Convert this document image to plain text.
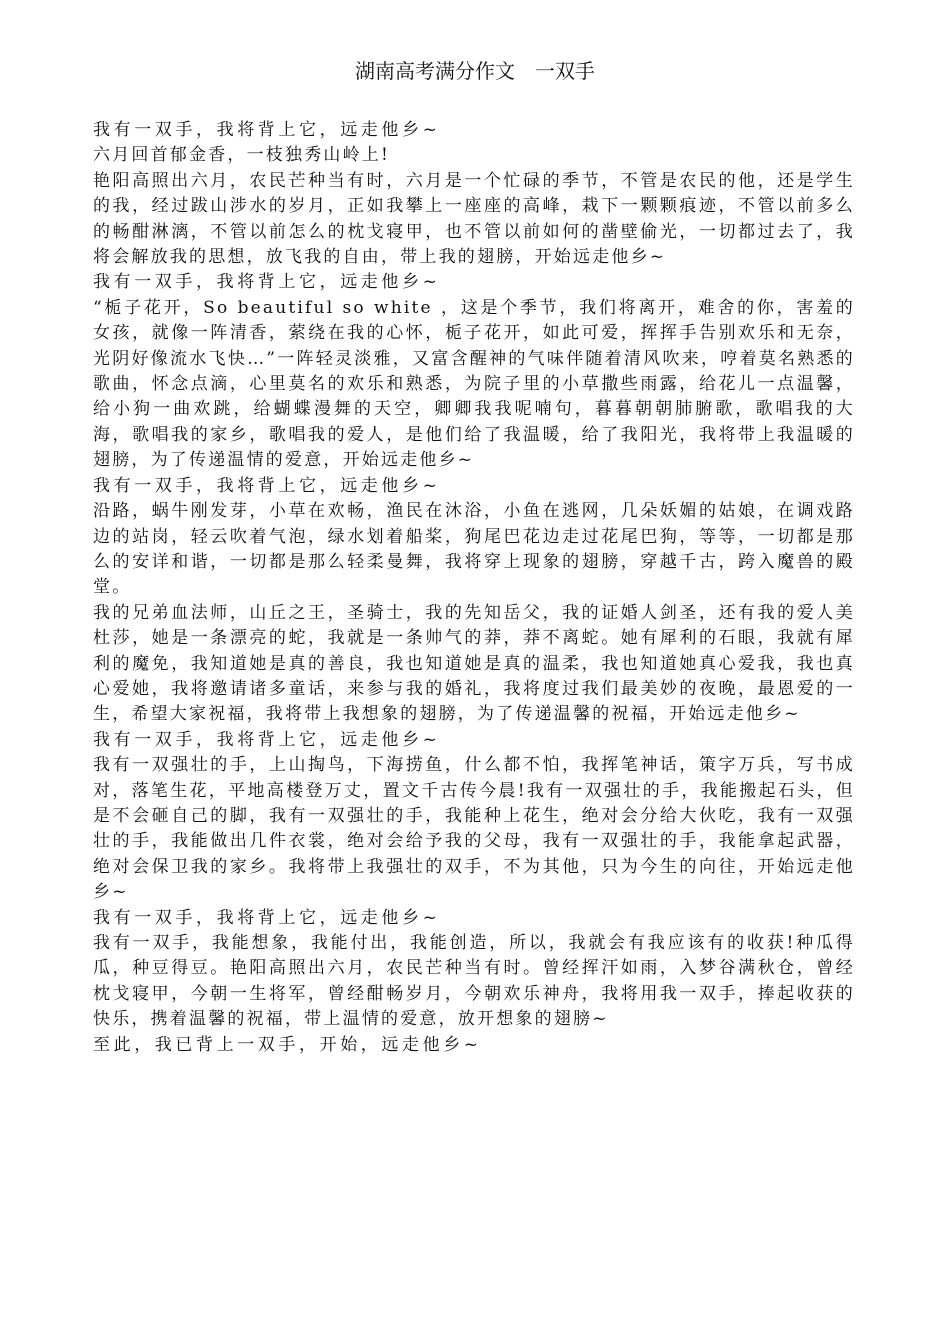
湖南高考满分作文　一双手

我有一双手，我将背上它，远走他乡~

六月回首郁金香，一枝独秀山岭上!

艳阳高照出六月，农民芒种当有时，六月是一个忙碌的季节，不管是农民的他，还是学生的我，经过跋山涉水的岁月，正如我攀上一座座的高峰，栽下一颗颗痕迹，不管以前多么的畅酣淋漓，不管以前怎么的枕戈寝甲，也不管以前如何的凿壁偷光，一切都过去了，我将会解放我的思想，放飞我的自由，带上我的翅膀，开始远走他乡~

我有一双手，我将背上它，远走他乡~

“栀子花开，So beautiful so white ，这是个季节，我们将离开，难舍的你，害羞的女孩，就像一阵清香，萦绕在我的心怀，栀子花开，如此可爱，挥挥手告别欢乐和无奈，光阴好像流水飞快…”一阵轻灵淡雅，又富含醒神的气味伴随着清风吹来，哼着莫名熟悉的歌曲，怀念点滴，心里莫名的欢乐和熟悉，为院子里的小草撒些雨露，给花儿一点温馨，给小狗一曲欢跳，给蝴蝶漫舞的天空，卿卿我我呢喃句，暮暮朝朝肺腑歌，歌唱我的大海，歌唱我的家乡，歌唱我的爱人，是他们给了我温暖，给了我阳光，我将带上我温暖的翅膀，为了传递温情的爱意，开始远走他乡~

我有一双手，我将背上它，远走他乡~

沿路，蜗牛刚发芽，小草在欢畅，渔民在沐浴，小鱼在逃网，几朵妖媚的姑娘，在调戏路边的站岗，轻云吹着气泡，绿水划着船桨，狗尾巴花边走过花尾巴狗，等等，一切都是那么的安详和谐，一切都是那么轻柔曼舞，我将穿上现象的翅膀，穿越千古，跨入魔兽的殿堂。

我的兄弟血法师，山丘之王，圣骑士，我的先知岳父，我的证婚人剑圣，还有我的爱人美杜莎，她是一条漂亮的蛇，我就是一条帅气的莽，莽不离蛇。她有犀利的石眼，我就有犀利的魔免，我知道她是真的善良，我也知道她是真的温柔，我也知道她真心爱我，我也真心爱她，我将邀请诸多童话，来参与我的婚礼，我将度过我们最美妙的夜晚，最恩爱的一生，希望大家祝福，我将带上我想象的翅膀，为了传递温馨的祝福，开始远走他乡~

我有一双手，我将背上它，远走他乡~

我有一双强壮的手，上山掏鸟，下海捞鱼，什么都不怕，我挥笔神话，策字万兵，写书成对，落笔生花，平地高楼登万丈，置文千古传今晨!我有一双强壮的手，我能搬起石头，但是不会砸自己的脚，我有一双强壮的手，我能种上花生，绝对会分给大伙吃，我有一双强壮的手，我能做出几件衣裳，绝对会给予我的父母，我有一双强壮的手，我能拿起武器，绝对会保卫我的家乡。我将带上我强壮的双手，不为其他，只为今生的向往，开始远走他乡~

我有一双手，我将背上它，远走他乡~

我有一双手，我能想象，我能付出，我能创造，所以，我就会有我应该有的收获!种瓜得瓜，种豆得豆。艳阳高照出六月，农民芒种当有时。曾经挥汗如雨，入梦谷满秋仓，曾经枕戈寝甲，今朝一生将军，曾经酣畅岁月，今朝欢乐神舟，我将用我一双手，捧起收获的快乐，携着温馨的祝福，带上温情的爱意，放开想象的翅膀~

至此，我已背上一双手，开始，远走他乡~
